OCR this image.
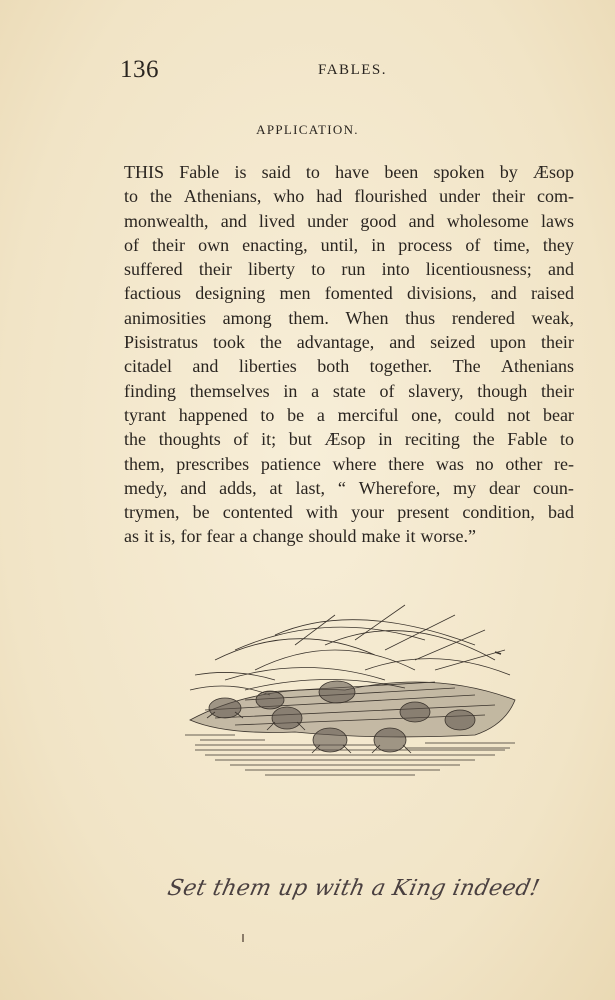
136	FABLES.
APPLICATION.
THIS Fable is said to have been spoken by Æsop
to the Athenians, who had flourished under their com-
monwealth, and lived under good and wholesome laws
of their own enacting, until, in process of time, they
suffered their liberty to run into licentiousness; and
factious designing men fomented divisions, and raised
animosities among them. When thus rendered weak,
Pisistratus took the advantage, and seized upon their
citadel and liberties both together. The Athenians
finding themselves in a state of slavery, though their
tyrant happened to be a merciful one, could not bear
the thoughts of it; but Æsop in reciting the Fable to
them, prescribes patience where there was no other re-
medy, and adds, at last, “ Wherefore, my dear coun-
trymen, be contented with your present condition, bad
as it is, for fear a change should make it worse.”
Set them up with a King indeed!
